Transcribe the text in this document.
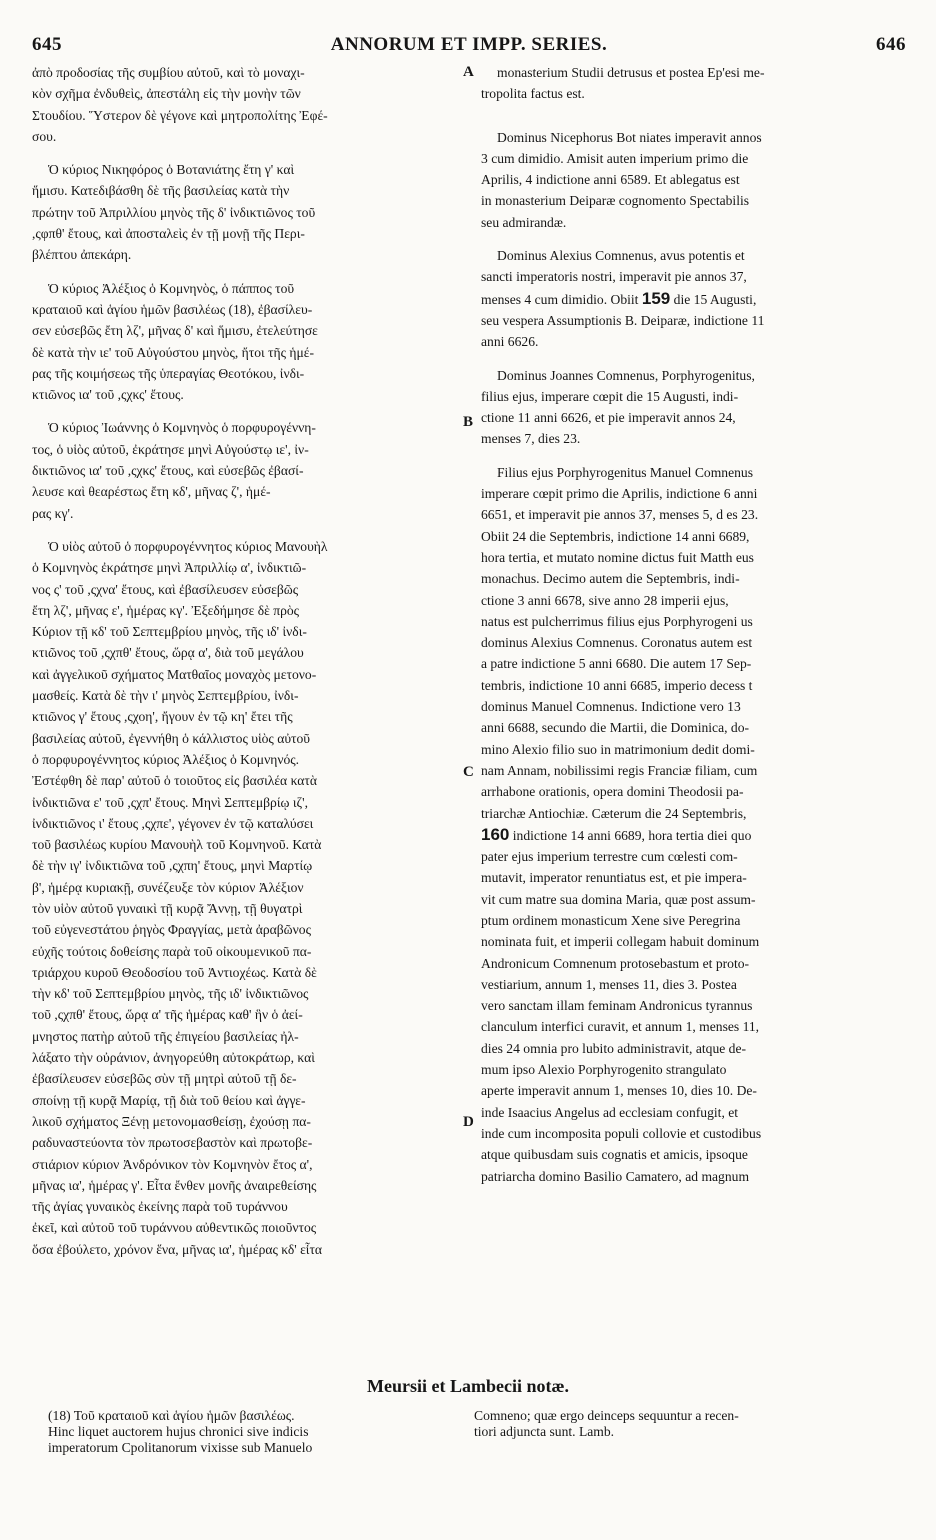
645	ANNORUM ET IMPP. SERIES.	646

ἀπὸ προδοσίας τῆς συμβίου αὐτοῦ, καὶ τὸ μοναχι-
κὸν σχῆμα ἐνδυθεὶς, ἀπεστάλη εἰς τὴν μονὴν τῶν
Στουδίου. Ὕστερον δὲ γέγονε καὶ μητροπολίτης Ἐφέ-
σου.

Ὁ κύριος Νικηφόρος ὁ Βοτανιάτης ἔτη γ' καὶ
ἥμισυ. Κατεδιβάσθη δὲ τῆς βασιλείας κατὰ τὴν
πρώτην τοῦ Ἀπριλλίου μηνὸς τῆς δ' ἰνδικτιῶνος τοῦ
,ςφπθ' ἔτους, καὶ ἀποσταλεὶς ἐν τῇ μονῇ τῆς Περι-
βλέπτου ἀπεκάρη.

Ὁ κύριος Ἀλέξιος ὁ Κομνηνὸς, ὁ πάππος τοῦ
κραταιοῦ καὶ ἁγίου ἡμῶν βασιλέως (18), ἐβασίλευ-
σεν εὐσεβῶς ἔτη λζ', μῆνας δ' καὶ ἥμισυ, ἐτελεύτησε
δὲ κατὰ τὴν ιε' τοῦ Αὐγούστου μηνὸς, ἤτοι τῆς ἡμέ-
ρας τῆς κοιμήσεως τῆς ὑπεραγίας Θεοτόκου, ἰνδι-
κτιῶνος ια' τοῦ ,ςχκς' ἔτους.

Ὁ κύριος Ἰωάννης ὁ Κομνηνὸς ὁ πορφυρογέννη-
τος, ὁ υἱὸς αὐτοῦ, ἐκράτησε μηνὶ Αὐγούστῳ ιε', ἰν-
δικτιῶνος ια' τοῦ ,ςχκς' ἔτους, καὶ εὐσεβῶς ἐβασί-
λευσε καὶ θεαρέστως ἔτη κδ', μῆνας ζ', ἡμέ-
ρας κγ'.

Ὁ υἱὸς αὐτοῦ ὁ πορφυρογέννητος κύριος Μανουὴλ
ὁ Κομνηνὸς ἐκράτησε μηνὶ Ἀπριλλίῳ α', ἰνδικτιῶ-
νος ς' τοῦ ,ςχνα' ἔτους, καὶ ἐβασίλευσεν εὐσεβῶς
ἔτη λζ', μῆνας ε', ἡμέρας κγ'. Ἐξεδήμησε δὲ πρὸς
Κύριον τῇ κδ' τοῦ Σεπτεμβρίου μηνὸς, τῆς ιδ' ἰνδι-
κτιῶνος τοῦ ,ςχπθ' ἔτους, ὥρᾳ α', διὰ τοῦ μεγάλου
καὶ ἀγγελικοῦ σχήματος Ματθαῖος μοναχὸς μετονο-
μασθείς. Κατὰ δὲ τὴν ι' μηνὸς Σεπτεμβρίου, ἰνδι-
κτιῶνος γ' ἔτους ,ςχοη', ἤγουν ἐν τῷ κη' ἔτει τῆς
βασιλείας αὐτοῦ, ἐγεννήθη ὁ κάλλιστος υἱὸς αὐτοῦ
ὁ πορφυρογέννητος κύριος Ἀλέξιος ὁ Κομνηνός.
Ἐστέφθη δὲ παρ' αὐτοῦ ὁ τοιοῦτος εἰς βασιλέα κατὰ
ἰνδικτιῶνα ε' τοῦ ,ςχπ' ἔτους. Μηνὶ Σεπτεμβρίῳ ιζ',
ἰνδικτιῶνος ι' ἔτους ,ςχπε', γέγονεν ἐν τῷ καταλύσει
τοῦ βασιλέως κυρίου Μανουὴλ τοῦ Κομνηνοῦ. Κατὰ
δὲ τὴν ιγ' ἰνδικτιῶνα τοῦ ,ςχπη' ἔτους, μηνὶ Μαρτίῳ
β', ἡμέρᾳ κυριακῇ, συνέζευξε τὸν κύριον Ἀλέξιον
τὸν υἱὸν αὐτοῦ γυναικὶ τῇ κυρᾷ Ἄννῃ, τῇ θυγατρὶ
τοῦ εὐγενεστάτου ῥηγὸς Φραγγίας, μετὰ ἀραβῶνος
εὐχῆς τούτοις δοθείσης παρὰ τοῦ οἰκουμενικοῦ πα-
τριάρχου κυροῦ Θεοδοσίου τοῦ Ἀντιοχέως. Κατὰ δὲ
τὴν κδ' τοῦ Σεπτεμβρίου μηνὸς, τῆς ιδ' ἰνδικτιῶνος
τοῦ ,ςχπθ' ἔτους, ὥρᾳ α' τῆς ἡμέρας καθ' ἣν ὁ ἀεί-
μνηστος πατὴρ αὐτοῦ τῆς ἐπιγείου βασιλείας ἠλ-
λάξατο τὴν οὐράνιον, ἀνηγορεύθη αὐτοκράτωρ, καὶ
ἐβασίλευσεν εὐσεβῶς σὺν τῇ μητρὶ αὐτοῦ τῇ δε-
σποίνῃ τῇ κυρᾷ Μαρίᾳ, τῇ διὰ τοῦ θείου καὶ ἀγγε-
λικοῦ σχήματος Ξένῃ μετονομασθείσῃ, ἐχούσῃ πα-
ραδυναστεύοντα τὸν πρωτοσεβαστὸν καὶ πρωτοβε-
στιάριον κύριον Ἀνδρόνικον τὸν Κομνηνὸν ἔτος α',
μῆνας ια', ἡμέρας γ'. Εἶτα ἔνθεν μονῆς ἀναιρεθείσης
τῆς ἁγίας γυναικὸς ἐκείνης παρὰ τοῦ τυράννου
ἐκεῖ, καὶ αὐτοῦ τοῦ τυράννου αὐθεντικῶς ποιοῦντος
ὅσα ἐβούλετο, χρόνον ἕνα, μῆνας ια', ἡμέρας κδ' εἶτα

monasterium Studii detrusus et postea Ep'esi me-
tropolita factus est.

Dominus Nicephorus Bot niates imperavit annos
3 cum dimidio. Amisit auten imperium primo die
Aprilis, 4 indictione anni 6589. Et ablegatus est
in monasterium Deiparæ cognomento Spectabilis
seu admirandæ.

Dominus Alexius Comnenus, avus potentis et
sancti imperatoris nostri, imperavit pie annos 37,
menses 4 cum dimidio. Obiit 159 die 15 Augusti,
seu vespera Assumptionis B. Deiparæ, indictione 11
anni 6626.

Dominus Joannes Comnenus, Porphyrogenitus,
filius ejus, imperare cœpit die 15 Augusti, indi-
ctione 11 anni 6626, et pie imperavit annos 24,
menses 7, dies 23.

Filius ejus Porphyrogenitus Manuel Comnenus
imperare cœpit primo die Aprilis, indictione 6 anni
6651, et imperavit pie annos 37, menses 5, d es 23.
Obiit 24 die Septembris, indictione 14 anni 6689,
hora tertia, et mutato nomine dictus fuit Matth eus
monachus. Decimo autem die Septembris, indi-
ctione 3 anni 6678, sive anno 28 imperii ejus,
natus est pulcherrimus filius ejus Porphyrogeni us
dominus Alexius Comnenus. Coronatus autem est
a patre indictione 5 anni 6680. Die autem 17 Sep-
tembris, indictione 10 anni 6685, imperio decess t
dominus Manuel Comnenus. Indictione vero 13
anni 6688, secundo die Martii, die Dominica, do-
mino Alexio filio suo in matrimonium dedit domi-
nam Annam, nobilissimi regis Franciæ filiam, cum
arrhabone orationis, opera domini Theodosii pa-
triarchæ Antiochiæ. Cæterum die 24 Septembris,
160 indictione 14 anni 6689, hora tertia diei quo
pater ejus imperium terrestre cum cœlesti com-
mutavit, imperator renuntiatus est, et pie impera-
vit cum matre sua domina Maria, quæ post assum-
ptum ordinem monasticum Xene sive Peregrina
nominata fuit, et imperii collegam habuit dominum
Andronicum Comnenum protosebastum et proto-
vestiarium, annum 1, menses 11, dies 3. Postea
vero sanctam illam feminam Andronicus tyrannus
clanculum interfici curavit, et annum 1, menses 11,
dies 24 omnia pro lubito administravit, atque de-
mum ipso Alexio Porphyrogenito strangulato
aperte imperavit annum 1, menses 10, dies 10. De-
inde Isaacius Angelus ad ecclesiam confugit, et
inde cum incomposita populi collovie et custodibus
atque quibusdam suis cognatis et amicis, ipsoque
patriarcha domino Basilio Camatero, ad magnum

A
B
C
D
Meursii et Lambecii notæ.
(18) Τοῦ κραταιοῦ καὶ ἁγίου ἡμῶν βασιλέως.
Hinc liquet auctorem hujus chronici sive indicis
imperatorum Cpolitanorum vixisse sub Manuelo
Comneno; quæ ergo deinceps sequuntur a recen-
tiori adjuncta sunt. Lamb.
